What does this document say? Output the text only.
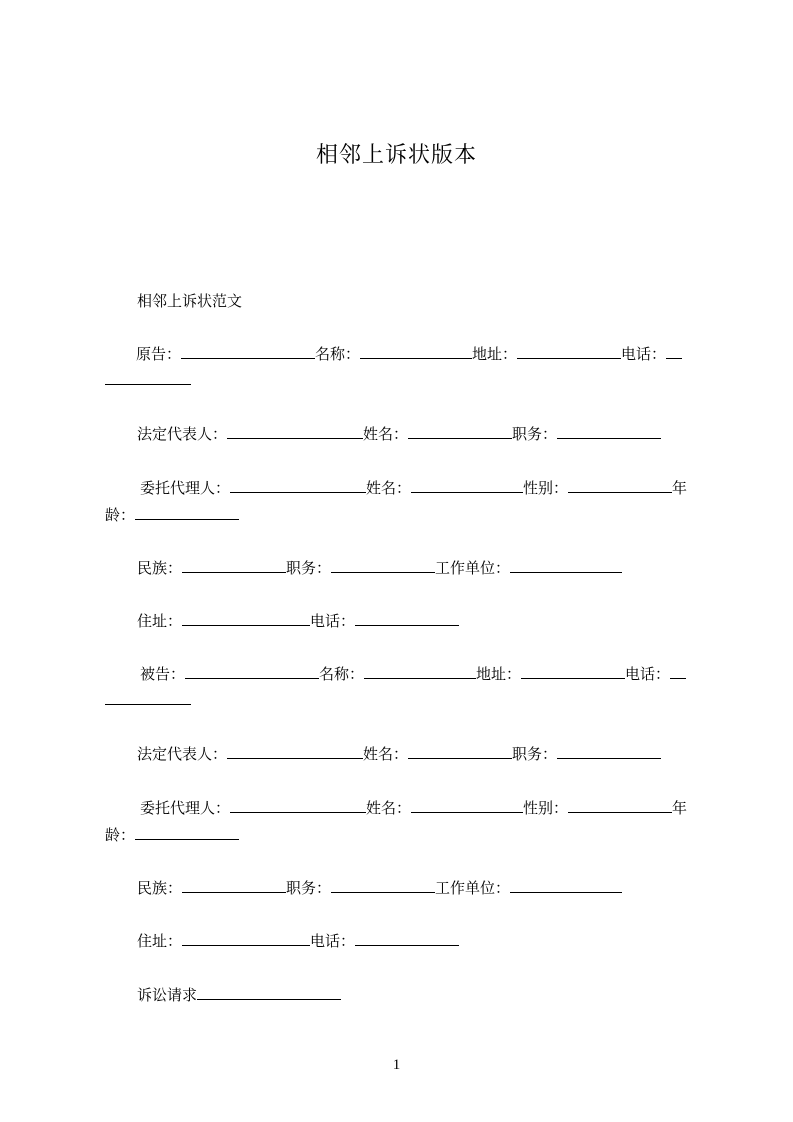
相邻上诉状版本
相邻上诉状范文
原告：	名称：	地址：	电话：
法定代表人：	姓名：	职务：
委托代理人：	姓名：	性别：	年
龄：
民族：	职务：	工作单位：
住址：	电话：
被告：	名称：	地址：	电话：
法定代表人：	姓名：	职务：
委托代理人：	姓名：	性别：	年
龄：
民族：	职务：	工作单位：
住址：	电话：
诉讼请求
1
